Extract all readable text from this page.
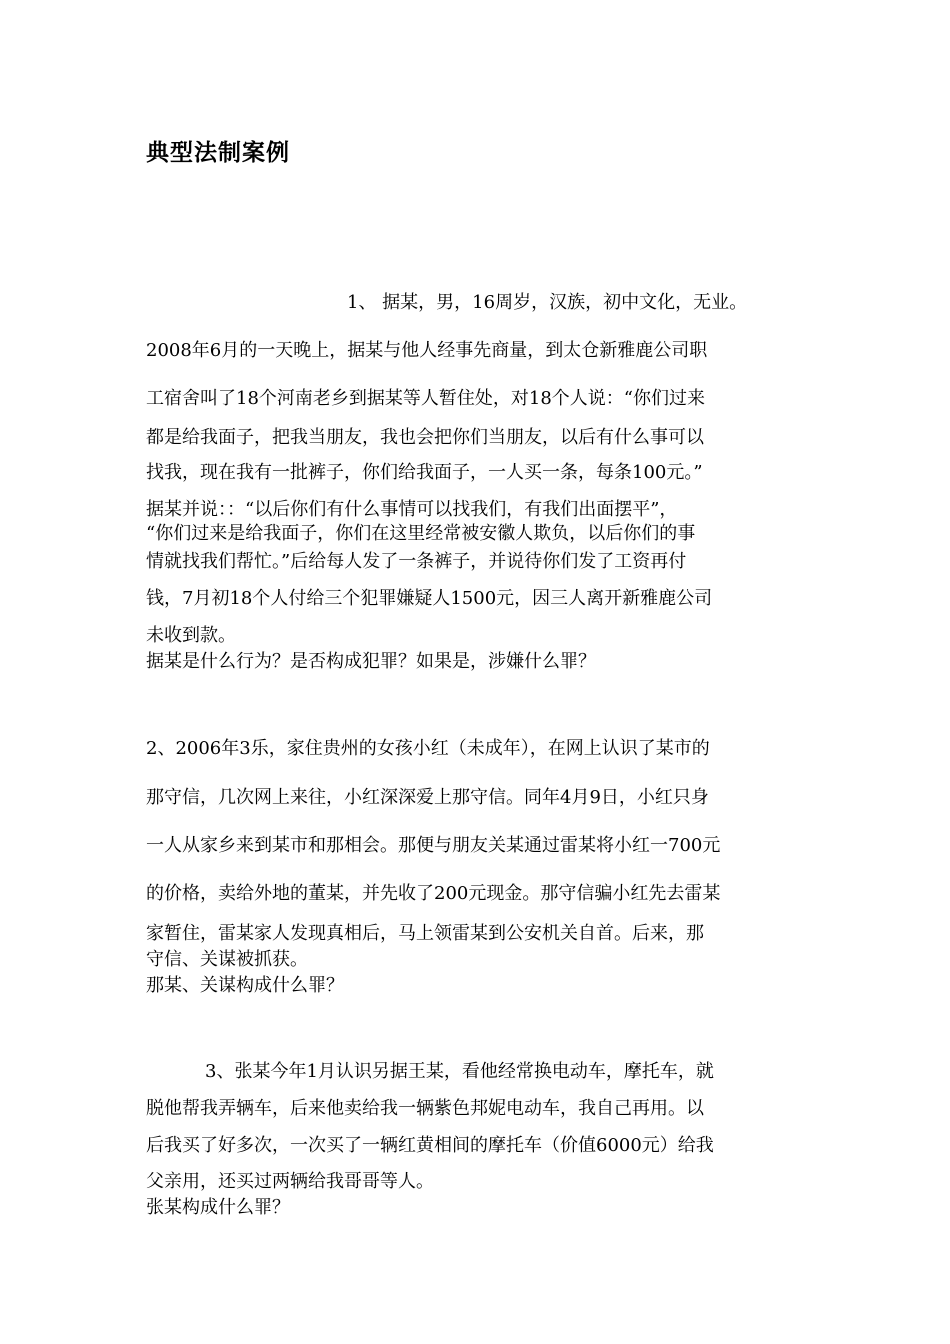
典型法制案例
1、 据某，男，16周岁，汉族，初中文化，无业。
2008年6月的一天晚上，据某与他人经事先商量，到太仓新雅鹿公司职
工宿舍叫了18个河南老乡到据某等人暂住处，对18个人说：“你们过来
都是给我面子，把我当朋友，我也会把你们当朋友，以后有什么事可以
找我，现在我有一批裤子，你们给我面子，一人买一条，每条100元。”
据某并说：：“以后你们有什么事情可以找我们，有我们出面摆平”，
“你们过来是给我面子，你们在这里经常被安徽人欺负，以后你们的事
情就找我们帮忙。”后给每人发了一条裤子，并说待你们发了工资再付
钱，7月初18个人付给三个犯罪嫌疑人1500元，因三人离开新雅鹿公司
未收到款。
据某是什么行为？是否构成犯罪？如果是，涉嫌什么罪？
2、2006年3乐，家住贵州的女孩小红（未成年），在网上认识了某市的
那守信，几次网上来往，小红深深爱上那守信。同年4月9日，小红只身
一人从家乡来到某市和那相会。那便与朋友关某通过雷某将小红一700元
的价格，卖给外地的董某，并先收了200元现金。那守信骗小红先去雷某
家暂住，雷某家人发现真相后，马上领雷某到公安机关自首。后来，那
守信、关谋被抓获。
那某、关谋构成什么罪？
3、张某今年1月认识另据王某，看他经常换电动车，摩托车，就
脱他帮我弄辆车，后来他卖给我一辆紫色邦妮电动车，我自己再用。以
后我买了好多次，一次买了一辆红黄相间的摩托车（价值6000元）给我
父亲用，还买过两辆给我哥哥等人。
张某构成什么罪？
